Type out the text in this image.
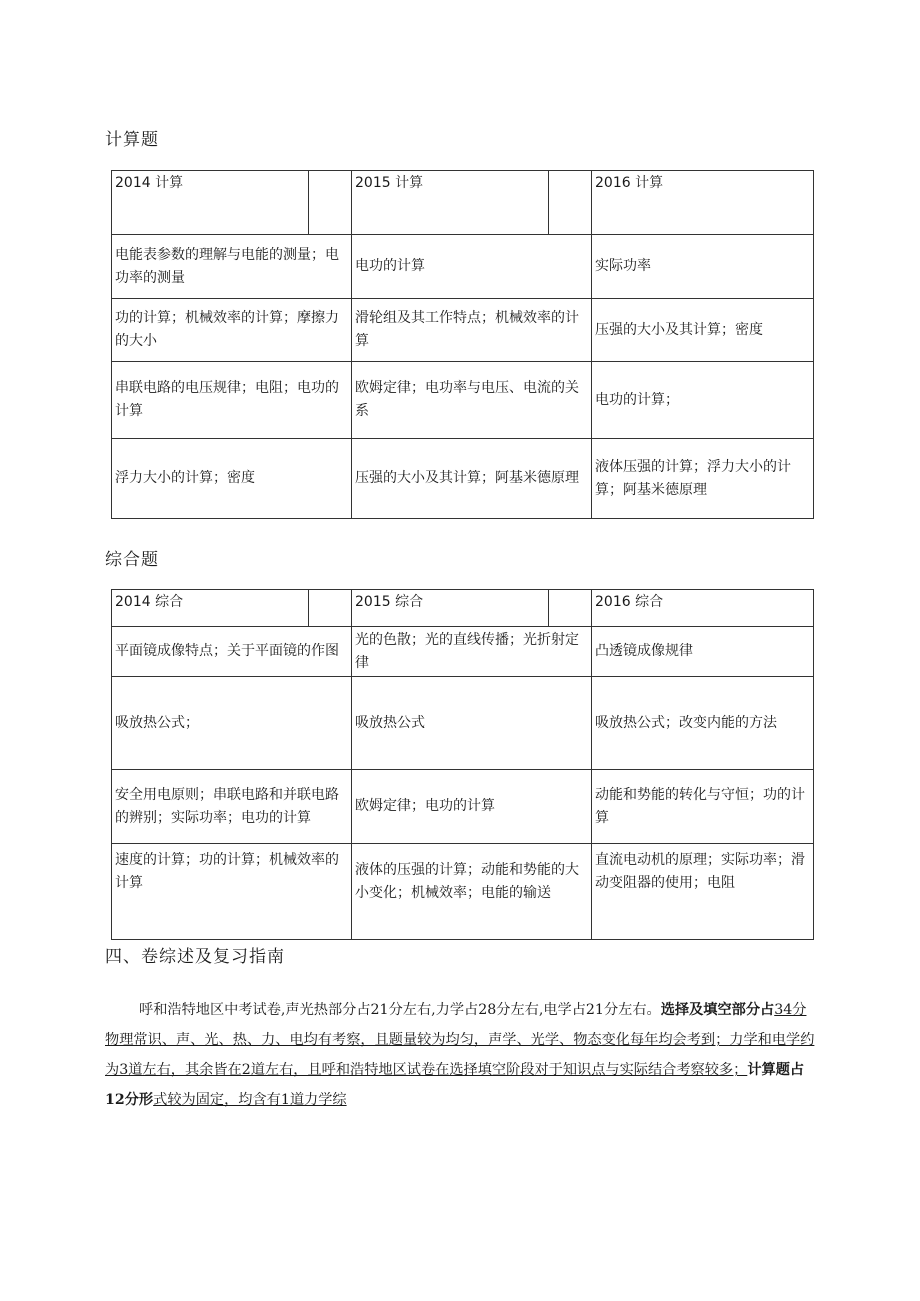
计算题
2014 计算		2015 计算		2016 计算
电能表参数的理解与电能的测量；电功率的测量		电功的计算		实际功率
功的计算；机械效率的计算；摩擦力的大小		滑轮组及其工作特点；机械效率的计算		压强的大小及其计算；密度
串联电路的电压规律；电阻；电功的计算		欧姆定律；电功率与电压、电流的关系		电功的计算；
浮力大小的计算；密度		压强的大小及其计算；阿基米德原理		液体压强的计算；浮力大小的计算；阿基米德原理
综合题
2014 综合		2015 综合		2016 综合
平面镜成像特点；关于平面镜的作图		光的色散；光的直线传播；光折射定律		凸透镜成像规律
吸放热公式；		吸放热公式		吸放热公式；改变内能的方法
安全用电原则；串联电路和并联电路的辨别；实际功率；电功的计算		欧姆定律；电功的计算		动能和势能的转化与守恒；功的计算
速度的计算；功的计算；机械效率的计算		液体的压强的计算；动能和势能的大小变化；机械效率；电能的输送		直流电动机的原理；实际功率；滑动变阻器的使用；电阻
四、卷综述及复习指南
呼和浩特地区中考试卷,声光热部分占21分左右,力学占28分左右,电学占21分左右。选择及填空部分占34分物理常识、声、光、热、力、电均有考察，且题量较为均匀，声学、光学、物态变化每年均会考到；力学和电学约为3道左右，其余皆在2道左右，且呼和浩特地区试卷在选择填空阶段对于知识点与实际结合考察较多；计算题占12分形式较为固定，均含有1道力学综
